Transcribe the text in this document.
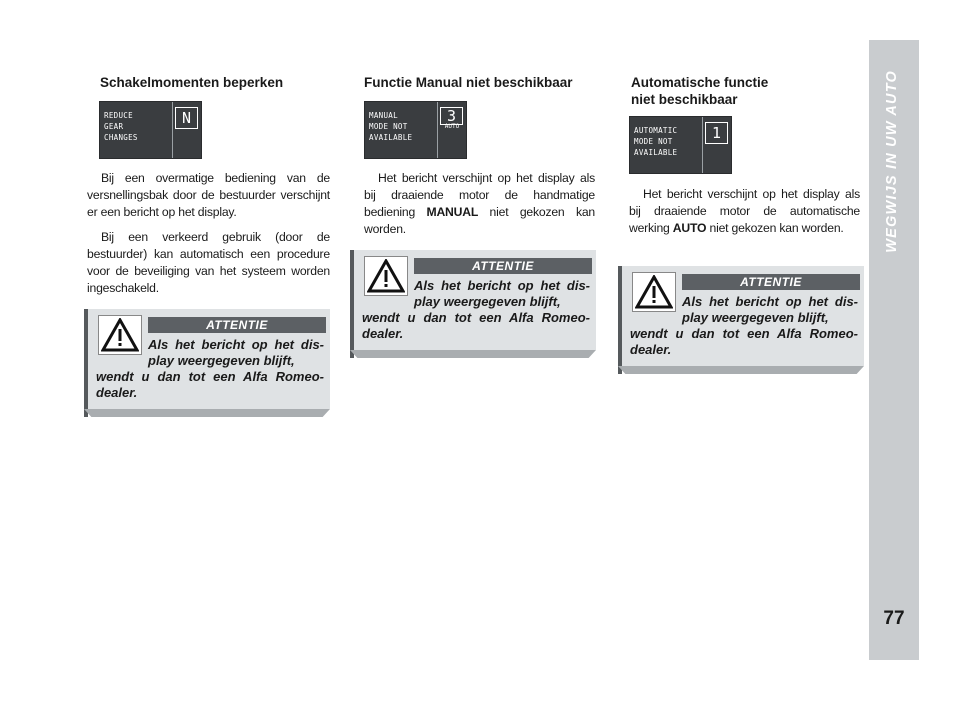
WEGWIJS IN UW AUTO
77
Schakelmomenten beperken
REDUCE
GEAR
CHANGES
N

Bij een overmatige bediening van de versnellingsbak door de bestuurder verschijnt er een bericht op het display.

Bij een verkeerd gebruik (door de bestuurder) kan automatisch een procedure voor de beveiliging van het systeem worden ingeschakeld.

ATTENTIE
Als het bericht op het dis-play weergegeven blijft,
wendt u dan tot een Alfa Romeo-dealer.
Functie Manual niet beschikbaar
MANUAL
MODE NOT
AVAILABLE
3
AUTO

Het bericht verschijnt op het display als bij draaiende motor de handmatige bediening MANUAL niet gekozen kan worden.

ATTENTIE
Als het bericht op het dis-play weergegeven blijft,
wendt u dan tot een Alfa Romeo-dealer.
Automatische functie
niet beschikbaar
AUTOMATIC
MODE NOT
AVAILABLE
1

Het bericht verschijnt op het display als bij draaiende motor de automatische werking AUTO niet gekozen kan worden.

ATTENTIE
Als het bericht op het dis-play weergegeven blijft,
wendt u dan tot een Alfa Romeo-dealer.
